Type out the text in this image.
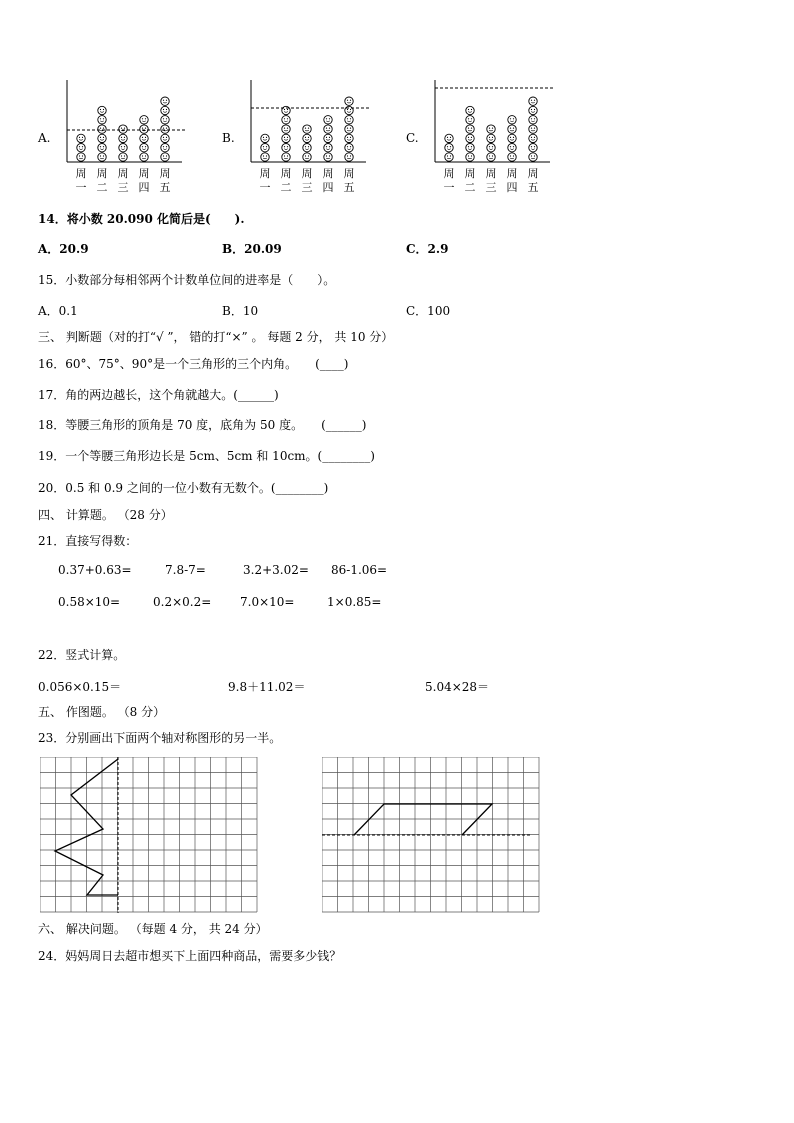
A.	B.	C.
周
一
周
二
周
三
周
四
周
五
周
一
周
二
周
三
周
四
周
五
周
一
周
二
周
三
周
四
周
五
14．将小数 20.090 化简后是(　　).
A．20.9	B．20.09	C．2.9
15．小数部分每相邻两个计数单位间的进率是（　　）。
A．0.1	B．10	C．100
三、 判断题（对的打“√ ”， 错的打“×” 。 每题 2 分， 共 10 分）
16．60°、75°、90°是一个三角形的三个内角。　　(____)
17．角的两边越长，这个角就越大。(______)
18．等腰三角形的顶角是 70 度，底角为 50 度。　　(______)
19．一个等腰三角形边长是 5cm、5cm 和 10cm。(________)
20．0.5 和 0.9 之间的一位小数有无数个。(________)
四、 计算题。 （28 分）
21．直接写得数：
0.37+0.63=	7.8-7=	3.2+3.02= 86-1.06=
0.58×10=	0.2×0.2= 7.0×10=	1×0.85=
22．竖式计算。
0.056×0.15＝	9.8＋11.02＝	5.04×28＝
五、 作图题。 （8 分）
23．分别画出下面两个轴对称图形的另一半。
六、 解决问题。 （每题 4 分， 共 24 分）
24．妈妈周日去超市想买下上面四种商品，需要多少钱？
